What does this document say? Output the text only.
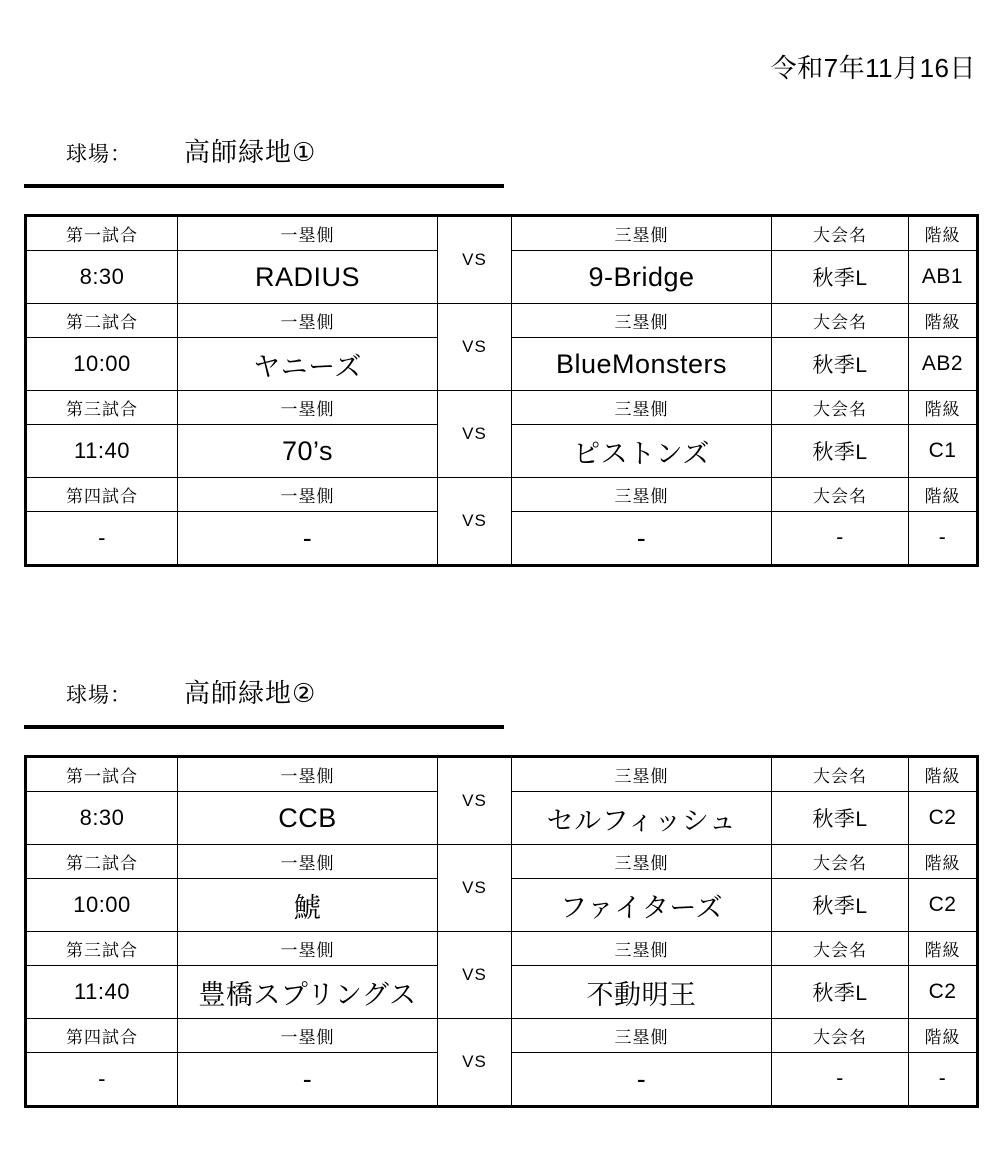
令和7年11月16日
球場： 高師緑地①
第一試合	一塁側	VS	三塁側	大会名	階級
8:30	RADIUS		9-Bridge	秋季L	AB1
第二試合	一塁側	VS	三塁側	大会名	階級
10:00	ヤニーズ		BlueMonsters	秋季L	AB2
第三試合	一塁側	VS	三塁側	大会名	階級
11:40	70’s		ピストンズ	秋季L	C1
第四試合	一塁側	VS	三塁側	大会名	階級
-	-		-	-	-
球場： 高師緑地②
第一試合	一塁側	VS	三塁側	大会名	階級
8:30	CCB		セルフィッシュ	秋季L	C2
第二試合	一塁側	VS	三塁側	大会名	階級
10:00	鯱		ファイターズ	秋季L	C2
第三試合	一塁側	VS	三塁側	大会名	階級
11:40	豊橋スプリングス		不動明王	秋季L	C2
第四試合	一塁側	VS	三塁側	大会名	階級
-	-		-	-	-
